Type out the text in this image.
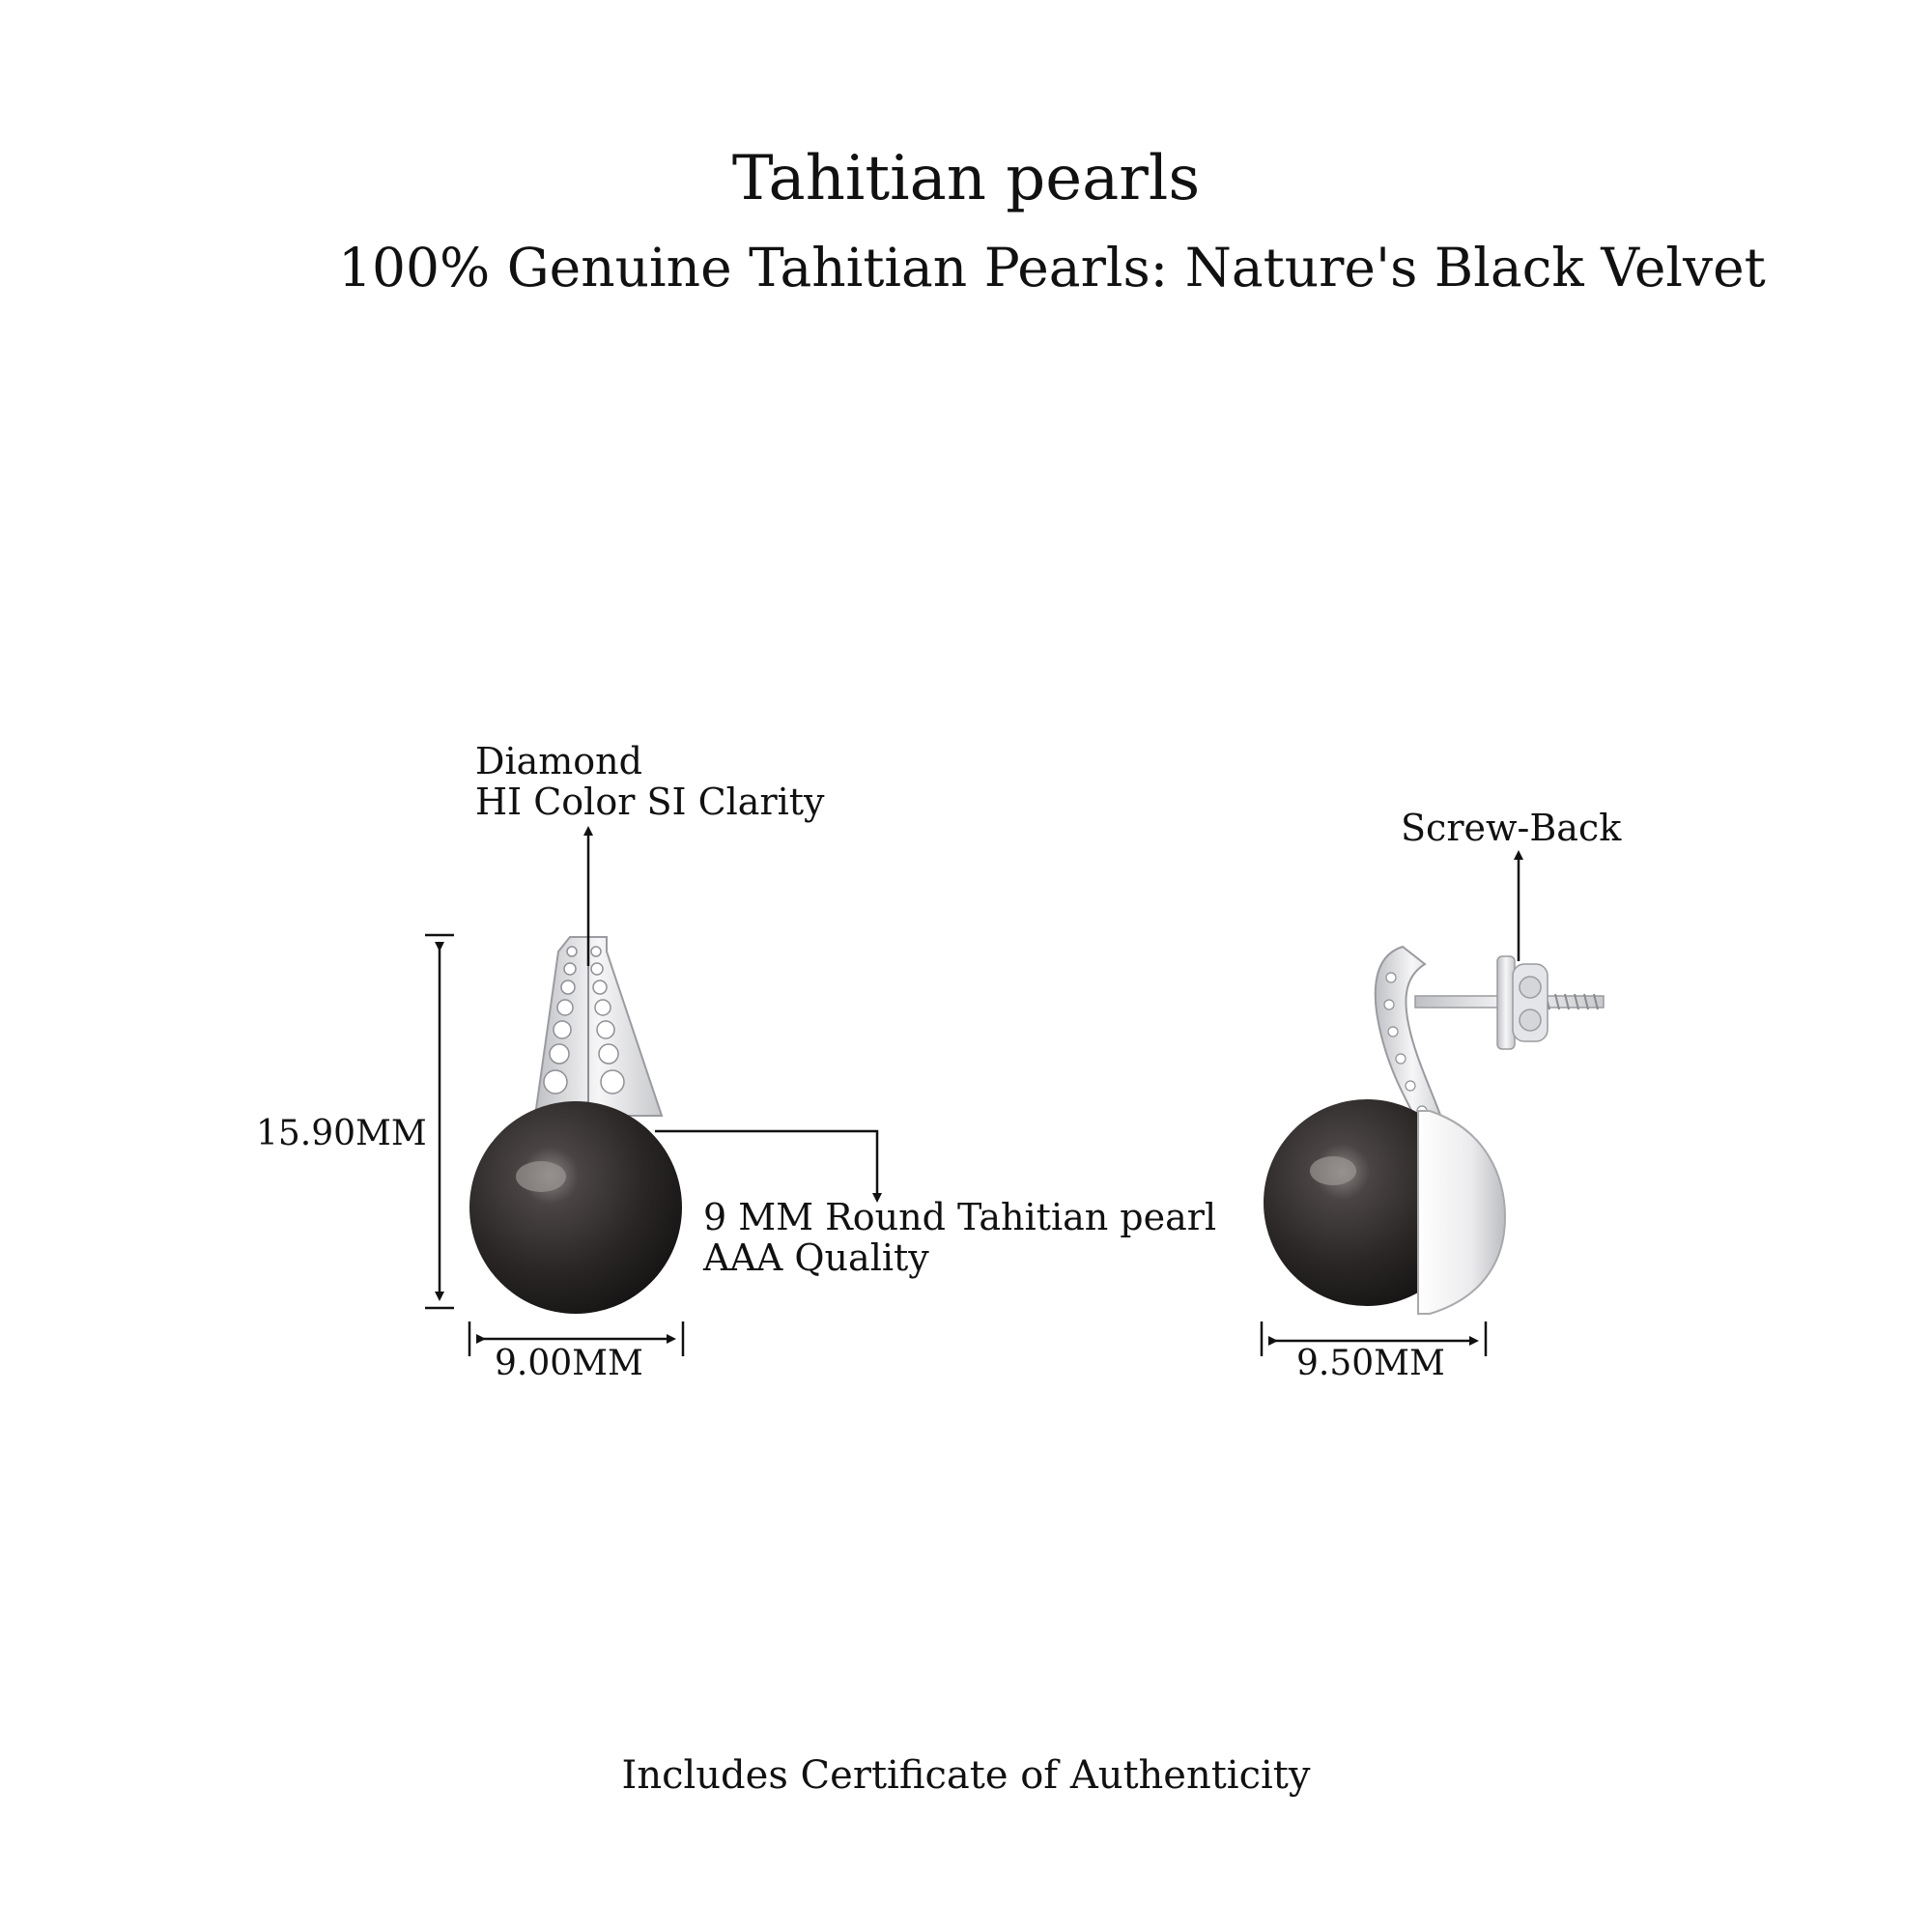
Tahitian pearls
100% Genuine Tahitian Pearls: Nature's Black Velvet
Diamond
HI Color SI Clarity
Screw-Back
9 MM Round Tahitian pearl
AAA Quality
15.90MM
9.00MM	9.50MM
Includes Certificate of Authenticity
